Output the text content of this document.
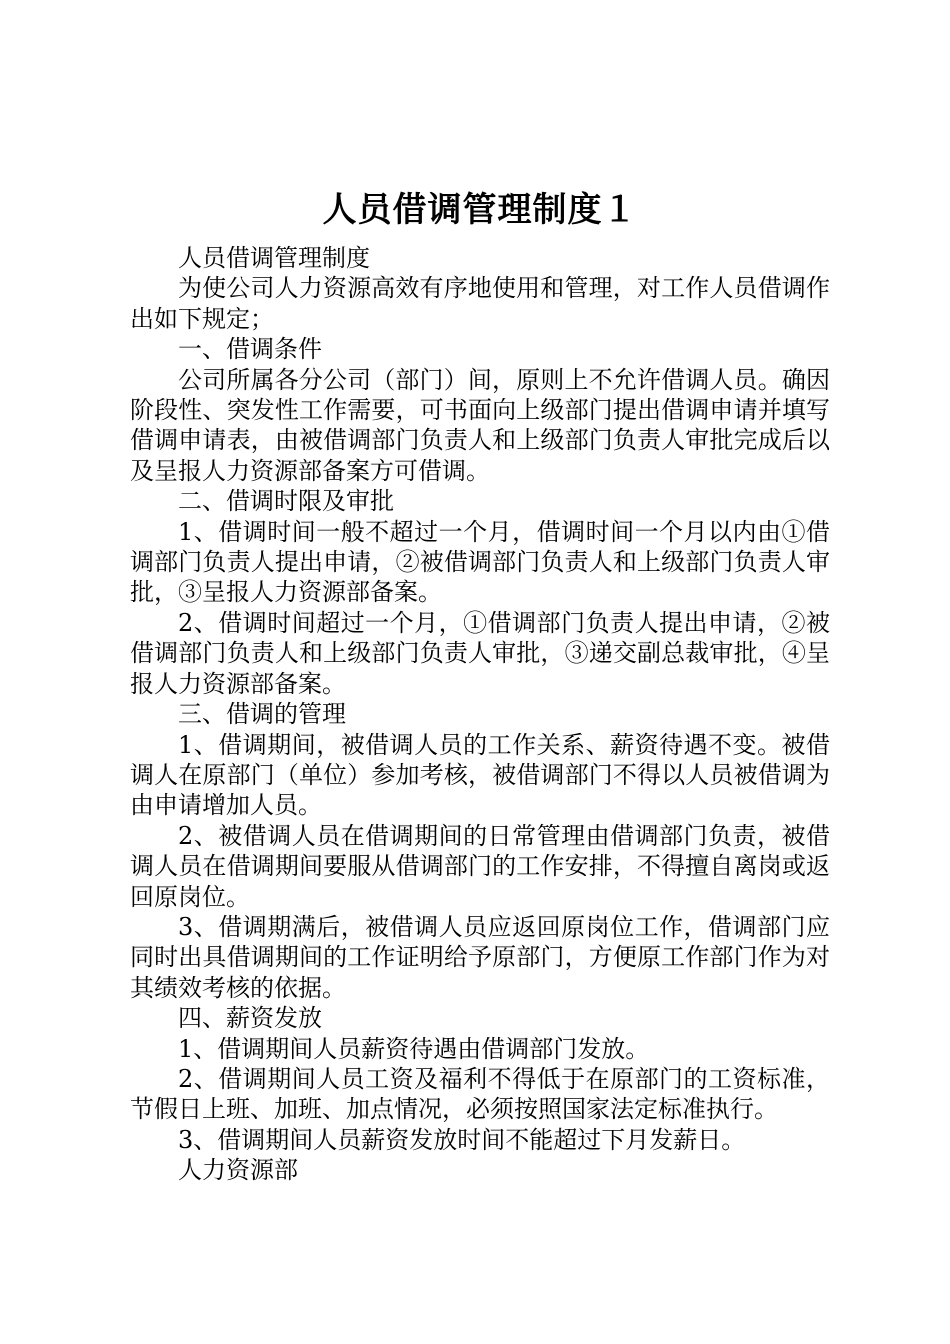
人员借调管理制度１

人员借调管理制度

为使公司人力资源高效有序地使用和管理，对工作人员借调作出如下规定；

一、借调条件

公司所属各分公司（部门）间，原则上不允许借调人员。确因阶段性、突发性工作需要，可书面向上级部门提出借调申请并填写借调申请表，由被借调部门负责人和上级部门负责人审批完成后以及呈报人力资源部备案方可借调。

二、借调时限及审批

1、借调时间一般不超过一个月，借调时间一个月以内由①借调部门负责人提出申请，②被借调部门负责人和上级部门负责人审批，③呈报人力资源部备案。

2、借调时间超过一个月，①借调部门负责人提出申请，②被借调部门负责人和上级部门负责人审批，③递交副总裁审批，④呈报人力资源部备案。

三、借调的管理

1、借调期间，被借调人员的工作关系、薪资待遇不变。被借调人在原部门（单位）参加考核，被借调部门不得以人员被借调为由申请增加人员。

2、被借调人员在借调期间的日常管理由借调部门负责，被借调人员在借调期间要服从借调部门的工作安排，不得擅自离岗或返回原岗位。

3、借调期满后，被借调人员应返回原岗位工作，借调部门应同时出具借调期间的工作证明给予原部门，方便原工作部门作为对其绩效考核的依据。

四、薪资发放

1、借调期间人员薪资待遇由借调部门发放。

2、借调期间人员工资及福利不得低于在原部门的工资标准，节假日上班、加班、加点情况，必须按照国家法定标准执行。

3、借调期间人员薪资发放时间不能超过下月发薪日。

人力资源部
